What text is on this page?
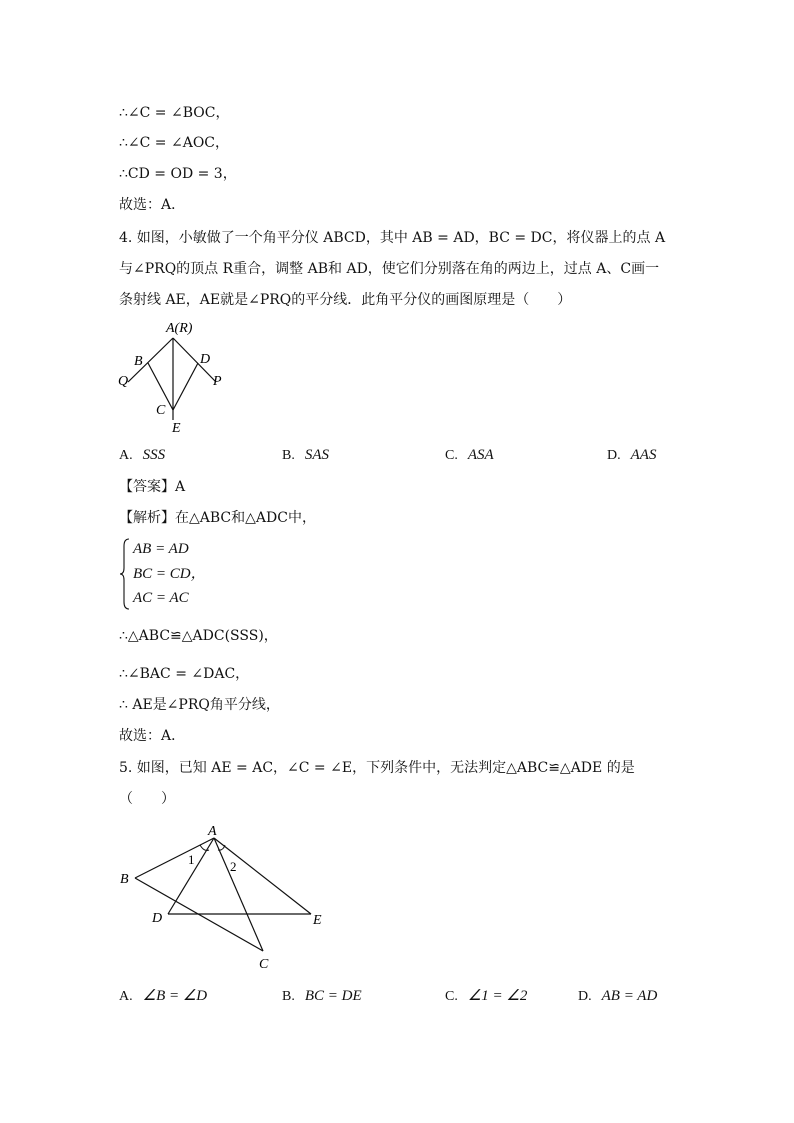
∴∠C = ∠BOC，
∴∠C = ∠AOC，
∴CD = OD = 3，
故选：A．
4. 如图，小敏做了一个角平分仪 ABCD，其中 AB = AD，BC = DC，将仪器上的点 A
与∠PRQ的顶点 R重合，调整 AB和 AD，使它们分别落在角的两边上，过点 A、C画一
条射线 AE，AE就是∠PRQ的平分线．此角平分仪的画图原理是（　　）
A(R)
B	D
Q	P
C
E
A. SSS	B. SAS	C. ASA	D. AAS
【答案】A
【解析】在△ABC和△ADC中，
AB = AD
BC = CD，
AC = AC
∴△ABC≌△ADC(SSS)，
∴∠BAC = ∠DAC，
∴ AE是∠PRQ角平分线，
故选：A．
5. 如图，已知 AE = AC，∠C = ∠E，下列条件中，无法判定△ABC≌△ADE 的是
（　　）
A
B
D	E
C
1	2
A. ∠B = ∠D	B. BC = DE	C. ∠1 = ∠2	D. AB = AD
